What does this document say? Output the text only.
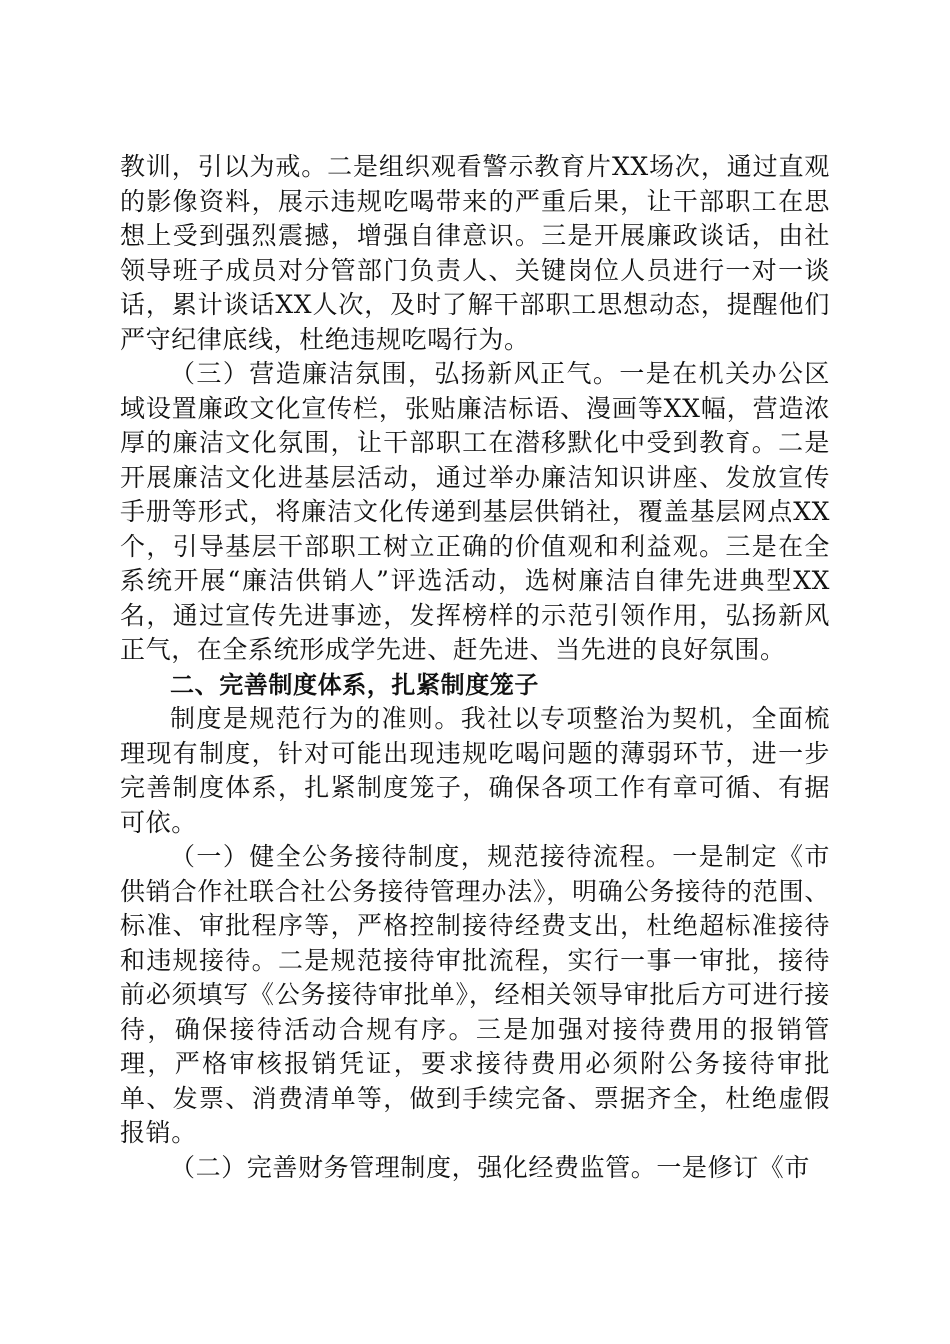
教训，引以为戒。二是组织观看警示教育片XX场次，通过直观的影像资料，展示违规吃喝带来的严重后果，让干部职工在思想上受到强烈震撼，增强自律意识。三是开展廉政谈话，由社领导班子成员对分管部门负责人、关键岗位人员进行一对一谈话，累计谈话XX人次，及时了解干部职工思想动态，提醒他们严守纪律底线，杜绝违规吃喝行为。

（三）营造廉洁氛围，弘扬新风正气。一是在机关办公区域设置廉政文化宣传栏，张贴廉洁标语、漫画等XX幅，营造浓厚的廉洁文化氛围，让干部职工在潜移默化中受到教育。二是开展廉洁文化进基层活动，通过举办廉洁知识讲座、发放宣传手册等形式，将廉洁文化传递到基层供销社，覆盖基层网点XX个，引导基层干部职工树立正确的价值观和利益观。三是在全系统开展“廉洁供销人”评选活动，选树廉洁自律先进典型XX名，通过宣传先进事迹，发挥榜样的示范引领作用，弘扬新风正气，在全系统形成学先进、赶先进、当先进的良好氛围。

二、完善制度体系，扎紧制度笼子

制度是规范行为的准则。我社以专项整治为契机，全面梳理现有制度，针对可能出现违规吃喝问题的薄弱环节，进一步完善制度体系，扎紧制度笼子，确保各项工作有章可循、有据可依。

（一）健全公务接待制度，规范接待流程。一是制定《市供销合作社联合社公务接待管理办法》，明确公务接待的范围、标准、审批程序等，严格控制接待经费支出，杜绝超标准接待和违规接待。二是规范接待审批流程，实行一事一审批，接待前必须填写《公务接待审批单》，经相关领导审批后方可进行接待，确保接待活动合规有序。三是加强对接待费用的报销管理，严格审核报销凭证，要求接待费用必须附公务接待审批单、发票、消费清单等，做到手续完备、票据齐全，杜绝虚假报销。

（二）完善财务管理制度，强化经费监管。一是修订《市
